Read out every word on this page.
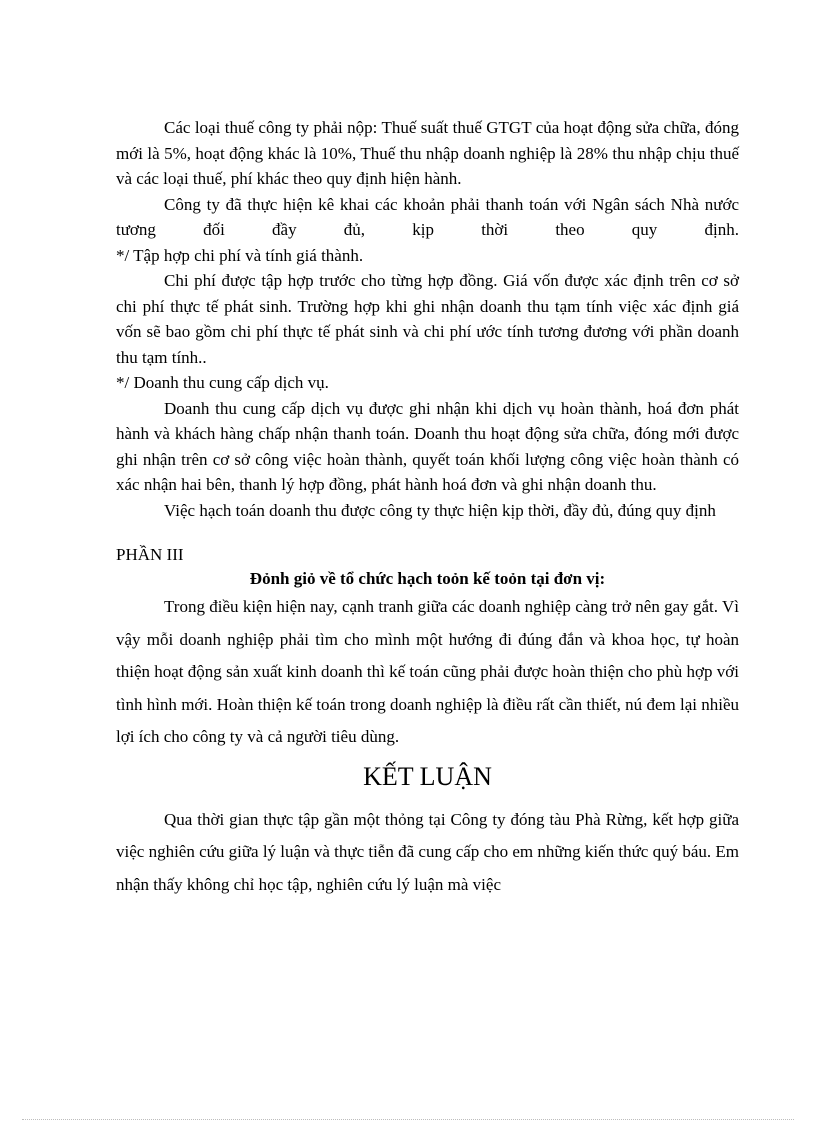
Các loại thuế công ty phải nộp: Thuế suất thuế GTGT của hoạt động sửa chữa, đóng mới là 5%, hoạt động khác là 10%, Thuế thu nhập doanh nghiệp là 28% thu nhập chịu thuế và các loại thuế, phí khác theo quy định hiện hành.

Công ty đã thực hiện kê khai các khoản phải thanh toán với Ngân sách Nhà nước tương đối đầy đủ, kịp thời theo quy định.

*/ Tập hợp chi phí và tính giá thành.

Chi phí được tập hợp trước cho từng hợp đồng. Giá vốn được xác định trên cơ sở chi phí thực tế phát sinh. Trường hợp khi ghi nhận doanh thu tạm tính việc xác định giá vốn sẽ bao gồm chi phí thực tế phát sinh và chi phí ước tính tương đương với phần doanh thu tạm tính..

*/ Doanh thu cung cấp dịch vụ.

Doanh thu cung cấp dịch vụ được ghi nhận khi dịch vụ hoàn thành, hoá đơn phát hành và khách hàng chấp nhận thanh toán. Doanh thu hoạt động sửa chữa, đóng mới được ghi nhận trên cơ sở công việc hoàn thành, quyết toán khối lượng công việc hoàn thành có xác nhận hai bên, thanh lý hợp đồng, phát hành hoá đơn và ghi nhận doanh thu.

Việc hạch toán doanh thu được công ty thực hiện kịp thời, đầy đủ, đúng quy định

PHẦN III

Đỏnh giỏ về tổ chức hạch toỏn kế toỏn tại đơn vị:

Trong điều kiện hiện nay, cạnh tranh giữa các doanh nghiệp càng trở nên gay gắt. Vì vậy mỗi doanh nghiệp phải tìm cho mình một hướng đi đúng đắn và khoa học, tự hoàn thiện hoạt động sản xuất kinh doanh thì kế toán cũng phải được hoàn thiện cho phù hợp với tình hình mới. Hoàn thiện kế toán trong doanh nghiệp là điều rất cần thiết, nú đem lại nhiều lợi ích cho công ty và cả người tiêu dùng.

KẾT LUẬN

Qua thời gian thực tập gần một thỏng tại Công ty đóng tàu Phà Rừng, kết hợp giữa việc nghiên cứu giữa lý luận và thực tiễn đã cung cấp cho em những kiến thức quý báu. Em nhận thấy không chỉ học tập, nghiên cứu lý luận mà việc
